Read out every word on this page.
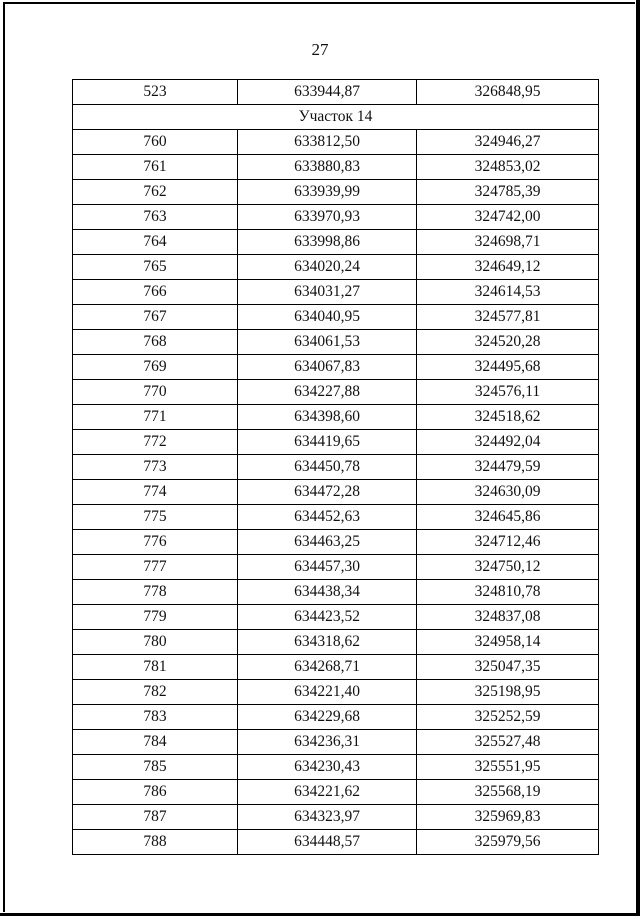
27
523	633944,87	326848,95
Участок 14		
760	633812,50	324946,27
761	633880,83	324853,02
762	633939,99	324785,39
763	633970,93	324742,00
764	633998,86	324698,71
765	634020,24	324649,12
766	634031,27	324614,53
767	634040,95	324577,81
768	634061,53	324520,28
769	634067,83	324495,68
770	634227,88	324576,11
771	634398,60	324518,62
772	634419,65	324492,04
773	634450,78	324479,59
774	634472,28	324630,09
775	634452,63	324645,86
776	634463,25	324712,46
777	634457,30	324750,12
778	634438,34	324810,78
779	634423,52	324837,08
780	634318,62	324958,14
781	634268,71	325047,35
782	634221,40	325198,95
783	634229,68	325252,59
784	634236,31	325527,48
785	634230,43	325551,95
786	634221,62	325568,19
787	634323,97	325969,83
788	634448,57	325979,56
